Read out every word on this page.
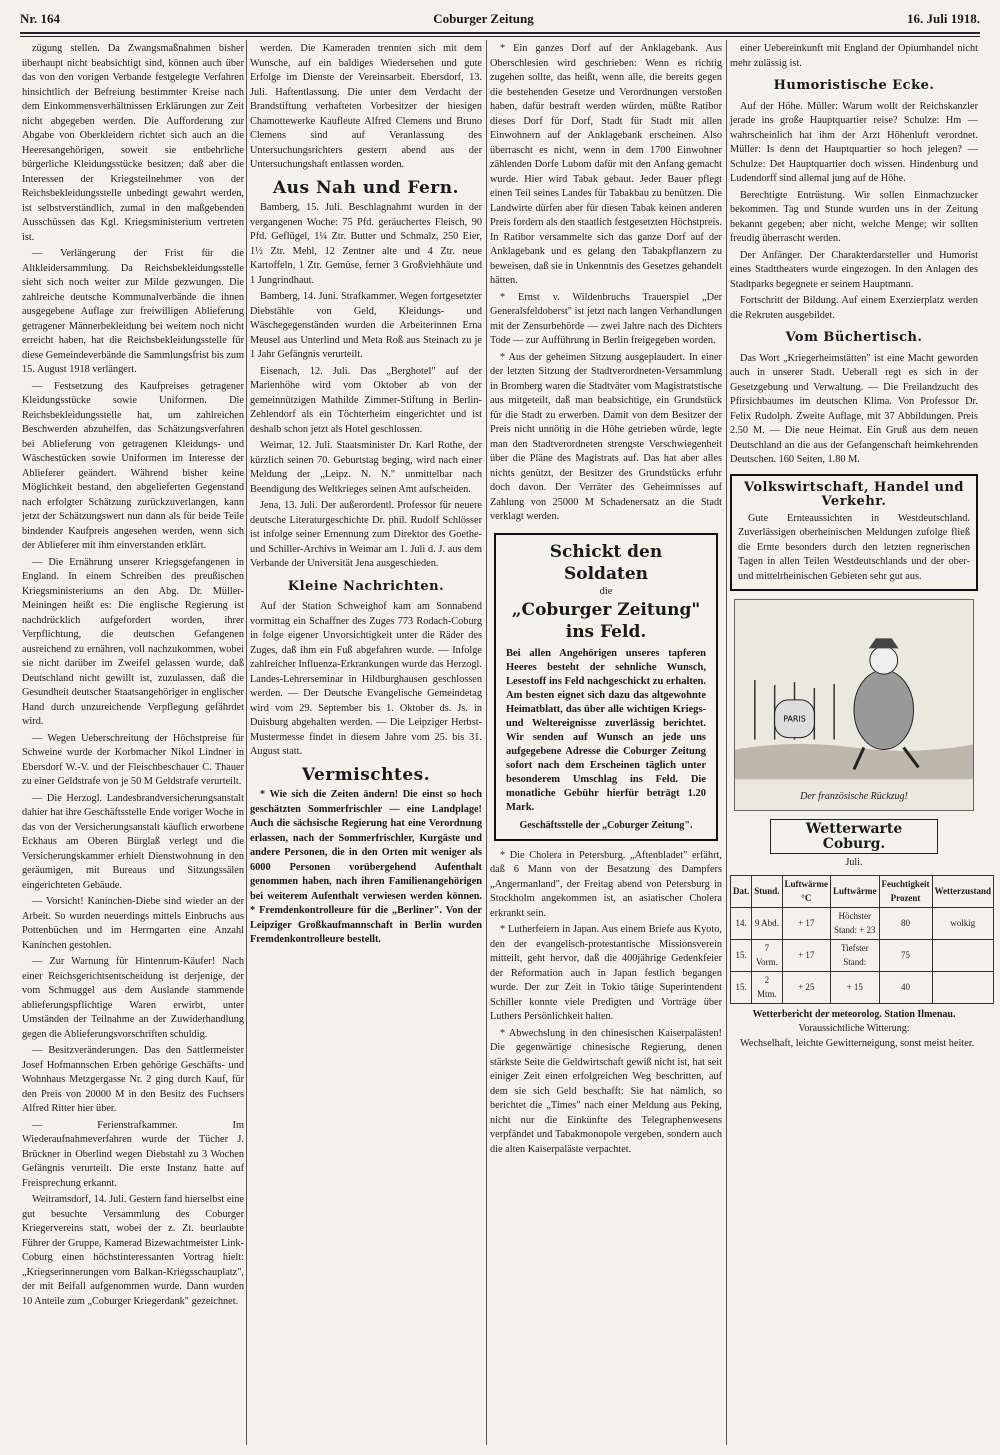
Nr. 164	Coburger Zeitung	16. Juli 1918.

zügung stellen. Da Zwangsmaßnahmen bisher überhaupt nicht beabsichtigt sind, können auch über das von den vorigen Verbande festgelegte Verfahren hinsichtlich der Befreiung bestimmter Kreise nach dem Einkommensverhältnissen Erklärungen zur Zeit nicht abgegeben werden. Die Aufforderung zur Abgabe von Oberkleidern richtet sich auch an die Heeresangehörigen, soweit sie entbehrliche bürgerliche Kleidungsstücke besitzen; daß aber die Interessen der Kriegsteilnehmer von der Reichsbekleidungsstelle unbedingt gewahrt werden, ist selbstverständlich, zumal in den maßgebenden Ausschüssen das Kgl. Kriegsministerium vertreten ist.

— Verlängerung der Frist für die Altkleidersammlung. Da Reichsbekleidungsstelle sieht sich noch weiter zur Milde gezwungen. Die zahlreiche deutsche Kommunalverbände die ihnen ausgegebene Auflage zur freiwilligen Ablieferung getragener Männerbekleidung bei weitem noch nicht erreicht haben, hat die Reichsbekleidungsstelle für diese Gemeindeverbände die Sammlungsfrist bis zum 15. August 1918 verlängert.

— Festsetzung des Kaufpreises getragener Kleidungsstücke sowie Uniformen. Die Reichsbekleidungsstelle hat, um zahlreichen Beschwerden abzuhelfen, das Schätzungsverfahren bei Ablieferung von getragenen Kleidungs- und Wäschestücken sowie Uniformen im Interesse der Ablieferer geändert. Während bisher keine Möglichkeit bestand, den abgelieferten Gegenstand nach erfolgter Schätzung zurückzuverlangen, kann jetzt der Schätzungswert nun dann als für beide Teile bindender Kaufpreis angesehen werden, wenn sich der Ablieferer mit ihm einverstanden erklärt.

— Die Ernährung unserer Kriegsgefangenen in England. In einem Schreiben des preußischen Kriegsministeriums an den Abg. Dr. Müller-Meiningen heißt es: Die englische Regierung ist nachdrücklich aufgefordert worden, ihrer Verpflichtung, die deutschen Gefangenen ausreichend zu ernähren, voll nachzukommen, wobei sie nicht darüber im Zweifel gelassen wurde, daß Deutschland nicht gewillt ist, zuzulassen, daß die Gesundheit deutscher Staatsangehöriger in englischer Hand durch unzureichende Verpflegung gefährdet wird.

— Wegen Ueberschreitung der Höchstpreise für Schweine wurde der Korbmacher Nikol Lindner in Ebersdorf W.-V. und der Fleischbeschauer C. Thauer zu einer Geldstrafe von je 50 M Geldstrafe verurteilt.

— Die Herzogl. Landesbrandversicherungsanstalt dahier hat ihre Geschäftsstelle Ende voriger Woche in das von der Versicherungsanstalt käuflich erworbene Eckhaus am Oberen Bürglaß verlegt und die Versicherungskammer erhielt Dienstwohnung in den geräumigen, mit Bureaus und Sitzungssälen eingerichteten Gebäude.

— Vorsicht! Kaninchen-Diebe sind wieder an der Arbeit. So wurden neuerdings mittels Einbruchs aus Pottenbüchen und im Herrngarten eine Anzahl Kaninchen gestohlen.

— Zur Warnung für Hintenrum-Käufer! Nach einer Reichsgerichtsentscheidung ist derjenige, der vom Schmuggel aus dem Auslande stammende ablieferungspflichtige Waren erwirbt, unter Umständen der Teilnahme an der Zuwiderhandlung gegen die Ablieferungsvorschriften schuldig.

— Besitzveränderungen. Das den Sattlermeister Josef Hofmannschen Erben gehörige Geschäfts- und Wohnhaus Metzgergasse Nr. 2 ging durch Kauf, für den Preis von 20000 M in den Besitz des Fuchsers Alfred Ritter hier über.

— Ferienstrafkammer. Im Wiederaufnahmeverfahren wurde der Tücher J. Brückner in Oberlind wegen Diebstahl zu 3 Wochen Gefängnis verurteilt. Die erste Instanz hatte auf Freisprechung erkannt.

Weitramsdorf, 14. Juli. Gestern fand hierselbst eine gut besuchte Versammlung des Coburger Kriegervereins statt, wobei der z. Zt. beurlaubte Führer der Gruppe, Kamerad Bizewachtmeister Link-Coburg einen höchstinteressanten Vortrag hielt: „Kriegserinnerungen vom Balkan-Kriegsschauplatz", der mit Beifall aufgenommen wurde. Dann wurden 10 Anteile zum „Coburger Kriegerdank" gezeichnet.

werden. Die Kameraden trennten sich mit dem Wunsche, auf ein baldiges Wiedersehen und gute Erfolge im Dienste der Vereinsarbeit. Ebersdorf, 13. Juli. Haftentlassung. Die unter dem Verdacht der Brandstiftung verhafteten Vorbesitzer der hiesigen Chamottewerke Kaufleute Alfred Clemens und Bruno Clemens sind auf Veranlassung des Untersuchungsrichters gestern abend aus der Untersuchungshaft entlassen worden.

Aus Nah und Fern.

Bamberg, 15. Juli. Beschlagnahmt wurden in der vergangenen Woche: 75 Pfd. geräuchertes Fleisch, 90 Pfd. Geflügel, 1¼ Ztr. Butter und Schmalz, 250 Eier, 1½ Ztr. Mehl, 12 Zentner alte und 4 Ztr. neue Kartoffeln, 1 Ztr. Gemüse, ferner 3 Großviehhäute und 1 Jungrindhaut.

Bamberg, 14. Juni. Strafkammer. Wegen fortgesetzter Diebstähle von Geld, Kleidungs- und Wäschegegenständen wurden die Arbeiterinnen Erna Meusel aus Unterlind und Meta Roß aus Steinach zu je 1 Jahr Gefängnis verurteilt.

Eisenach, 12. Juli. Das „Berghotel" auf der Marienhöhe wird vom Oktober ab von der gemeinnützigen Mathilde Zimmer-Stiftung in Berlin-Zehlendorf als ein Töchterheim eingerichtet und ist deshalb schon jetzt als Hotel geschlossen.

Weimar, 12. Juli. Staatsminister Dr. Karl Rothe, der kürzlich seinen 70. Geburtstag beging, wird nach einer Meldung der „Leipz. N. N." unmittelbar nach Beendigung des Weltkrieges seinen Amt aufscheiden.

Jena, 13. Juli. Der außerordentl. Professor für neuere deutsche Literaturgeschichte Dr. phil. Rudolf Schlösser ist infolge seiner Ernennung zum Direktor des Goethe- und Schiller-Archivs in Weimar am 1. Juli d. J. aus dem Verbande der Universität Jena ausgeschieden.

Kleine Nachrichten.

Auf der Station Schweighof kam am Sonnabend vormittag ein Schaffner des Zuges 773 Rodach-Coburg in folge eigener Unvorsichtigkeit unter die Räder des Zuges, daß ihm ein Fuß abgefahren wurde. — Infolge zahlreicher Influenza-Erkrankungen wurde das Herzogl. Landes-Lehrerseminar in Hildburghausen geschlossen werden. — Der Deutsche Evangelische Gemeindetag wird vom 29. September bis 1. Oktober ds. Js. in Duisburg abgehalten werden. — Die Leipziger Herbst-Mustermesse findet in diesem Jahre vom 25. bis 31. August statt.

Vermischtes.

* Wie sich die Zeiten ändern! Die einst so hoch geschätzten Sommerfrischler — eine Landplage! Auch die sächsische Regierung hat eine Verordnung erlassen, nach der Sommerfrischler, Kurgäste und andere Personen, die in den Orten mit weniger als 6000 Personen vorübergehend Aufenthalt genommen haben, nach ihren Familienangehörigen bei weiterem Aufenthalt verwiesen werden können. * Fremdenkontrolleure für die „Berliner". Von der Leipziger Großkaufmannschaft in Berlin wurden Fremdenkontrolleure bestellt.

* Ein ganzes Dorf auf der Anklagebank. Aus Oberschlesien wird geschrieben: Wenn es richtig zugehen sollte, das heißt, wenn alle, die bereits gegen die bestehenden Gesetze und Verordnungen verstoßen haben, dafür bestraft werden würden, müßte Ratibor dieses Dorf für Dorf, Stadt für Stadt mit allen Einwohnern auf der Anklagebank erscheinen. Also überrascht es nicht, wenn in dem 1700 Einwohner zählenden Dorfe Lubom dafür mit den Anfang gemacht wurde. Hier wird Tabak gebaut. Jeder Bauer pflegt einen Teil seines Landes für Tabakbau zu benützen. Die Landwirte dürfen aber für diesen Tabak keinen anderen Preis fordern als den staatlich festgesetzten Höchstpreis. In Ratibor versammelte sich das ganze Dorf auf der Anklagebank und es gelang den Tabakpflanzern zu beweisen, daß sie in Unkenntnis des Gesetzes gehandelt hätten.

* Ernst v. Wildenbruchs Trauerspiel „Der Generalsfeldoberst" ist jetzt nach langen Verhandlungen mit der Zensurbehörde — zwei Jahre nach des Dichters Tode — zur Aufführung in Berlin freigegeben worden.

* Aus der geheimen Sitzung ausgeplaudert. In einer der letzten Sitzung der Stadtverordneten-Versammlung in Bromberg waren die Stadtväter vom Magistratstische aus mitgeteilt, daß man beabsichtige, ein Grundstück für die Stadt zu erwerben. Damit von dem Besitzer der Preis nicht unnötig in die Höhe getrieben würde, legte man den Stadtverordneten strengste Verschwiegenheit über die Pläne des Magistrats auf. Das hat aber alles nichts genützt, der Besitzer des Grundstücks erfuhr doch davon. Der Verräter des Geheimnisses auf Zahlung von 25000 M Schadenersatz an die Stadt verklagt werden.

Schickt den Soldaten
die
„Coburger Zeitung"
ins Feld.
Bei allen Angehörigen unseres tapferen Heeres besteht der sehnliche Wunsch, Lesestoff ins Feld nachgeschickt zu erhalten. Am besten eignet sich dazu das altgewohnte Heimatblatt, das über alle wichtigen Kriegs- und Weltereignisse zuverlässig berichtet. Wir senden auf Wunsch an jede uns aufgegebene Adresse die Coburger Zeitung sofort nach dem Erscheinen täglich unter besonderem Umschlag ins Feld. Die monatliche Gebühr hierfür beträgt 1.20 Mark.
Geschäftsstelle der „Coburger Zeitung".

* Die Cholera in Petersburg. „Aftenbladet" erfährt, daß 6 Mann von der Besatzung des Dampfers „Angermanland", der Freitag abend von Petersburg in Stockholm angekommen ist, an asiatischer Cholera erkrankt sein.

* Lutherfeiern in Japan. Aus einem Briefe aus Kyoto, den der evangelisch-protestantische Missionsverein mitteilt, geht hervor, daß die 400jährige Gedenkfeier der Reformation auch in Japan festlich begangen wurde. Der zur Zeit in Tokio tätige Superintendent Schiller konnte viele Predigten und Vorträge über Luthers Persönlichkeit halten.

* Abwechslung in den chinesischen Kaiserpalästen! Die gegenwärtige chinesische Regierung, denen stärkste Seite die Geldwirtschaft gewiß nicht ist, hat seit einiger Zeit einen erfolgreichen Weg beschritten, auf dem sie sich Geld beschafft: Sie hat nämlich, so berichtet die „Times" nach einer Meldung aus Peking, nicht nur die Einkünfte des Telegraphenwesens verpfändet und Tabakmonopole vergeben, sondern auch die alten Kaiserpaläste verpachtet.

einer Uebereinkunft mit England der Opiumhandel nicht mehr zulässig ist.

Humoristische Ecke.

Auf der Höhe. Müller: Warum wollt der Reichskanzler jerade ins große Hauptquartier reise? Schulze: Hm — wahrscheinlich hat ihm der Arzt Höhenluft verordnet. Müller: Is denn det Hauptquartier so hoch jelegen? — Schulze: Det Hauptquartier doch wissen. Hindenburg und Ludendorff sind allemal jung auf de Höhe.

Berechtigte Entrüstung. Wir sollen Einmachzucker bekommen. Tag und Stunde wurden uns in der Zeitung bekannt gegeben; aber nicht, welche Menge; wir sollten freudig überrascht werden.

Der Anfänger. Der Charakterdarsteller und Humorist eines Stadttheaters wurde eingezogen. In den Anlagen des Stadtparks begegnete er seinem Hauptmann.

Fortschritt der Bildung. Auf einem Exerzierplatz werden die Rekruten ausgebildet.

Vom Büchertisch.

Das Wort „Kriegerheimstätten" ist eine Macht geworden auch in unserer Stadt. Ueberall regt es sich in der Gesetzgebung und Verwaltung. — Die Freilandzucht des Pfirsichbaumes im deutschen Klima. Von Professor Dr. Felix Rudolph. Zweite Auflage, mit 37 Abbildungen. Preis 2.50 M. — Die neue Heimat. Ein Gruß aus dem neuen Deutschland an die aus der Gefangenschaft heimkehrenden Deutschen. 160 Seiten, 1.80 M.

Volkswirtschaft, Handel und Verkehr.

Gute Ernteaussichten in Westdeutschland. Zuverlässigen oberheinischen Meldungen zufolge fließ die Ernte besonders durch den letzten regnerischen Tagen in allen Teilen Westdeutschlands und der ober- und mittelrheinischen Gebieten sehr gut aus.

PARIS
Der französische Rückzug!
Wetterwarte Coburg.
Juli.
Dat.	Stund.	Luftwärme °C	Luftwärme	Feuchtigkeit Prozent	Wetterzustand
14.	9 Abd.	+ 17	Höchster Stand: + 23	80	wolkig
15.	7 Vorm.	+ 17	Tiefster Stand:	75	
15.	2 Mtm.	+ 25	+ 15	40	
Wetterbericht der meteorolog. Station Ilmenau.
Voraussichtliche Witterung:

Wechselhaft, leichte Gewitterneigung, sonst meist heiter.
